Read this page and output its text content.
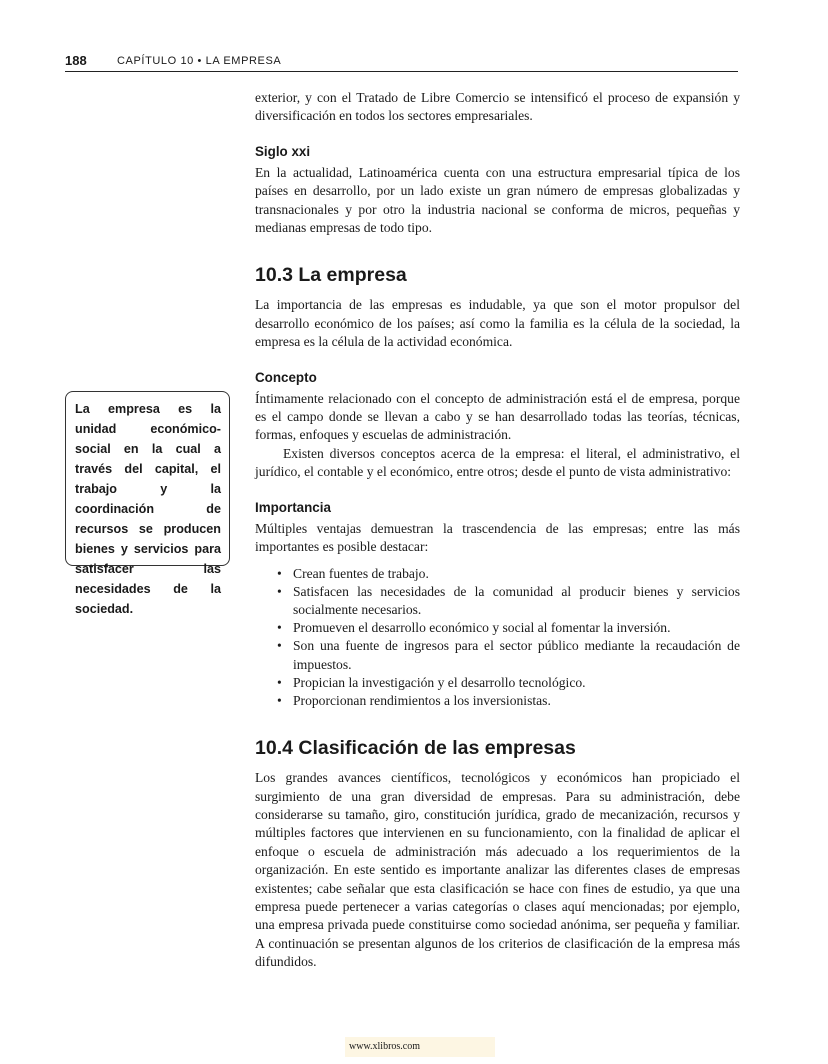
188	CAPÍTULO 10 • LA EMPRESA
La empresa es la unidad económico-social en la cual a través del capital, el trabajo y la coordinación de recursos se producen bienes y servicios para satisfacer las necesidades de la sociedad.

exterior, y con el Tratado de Libre Comercio se intensificó el proceso de expansión y diversificación en todos los sectores empresariales.

Siglo xxi

En la actualidad, Latinoamérica cuenta con una estructura empresarial típica de los países en desarrollo, por un lado existe un gran número de empresas globalizadas y transnacionales y por otro la industria nacional se conforma de micros, pequeñas y medianas empresas de todo tipo.

10.3 La empresa

La importancia de las empresas es indudable, ya que son el motor propulsor del desarrollo económico de los países; así como la familia es la célula de la sociedad, la empresa es la célula de la actividad económica.

Concepto

Íntimamente relacionado con el concepto de administración está el de empresa, porque es el campo donde se llevan a cabo y se han desarrollado todas las teorías, técnicas, formas, enfoques y escuelas de administración.

Existen diversos conceptos acerca de la empresa: el literal, el administrativo, el jurídico, el contable y el económico, entre otros; desde el punto de vista administrativo:

Importancia

Múltiples ventajas demuestran la trascendencia de las empresas; entre las más importantes es posible destacar:

• Crean fuentes de trabajo.
• Satisfacen las necesidades de la comunidad al producir bienes y servicios socialmente necesarios.
• Promueven el desarrollo económico y social al fomentar la inversión.
• Son una fuente de ingresos para el sector público mediante la recaudación de impuestos.
• Propician la investigación y el desarrollo tecnológico.
• Proporcionan rendimientos a los inversionistas.
10.4 Clasificación de las empresas

Los grandes avances científicos, tecnológicos y económicos han propiciado el surgimiento de una gran diversidad de empresas. Para su administración, debe considerarse su tamaño, giro, constitución jurídica, grado de mecanización, recursos y múltiples factores que intervienen en su funcionamiento, con la finalidad de aplicar el enfoque o escuela de administración más adecuado a los requerimientos de la organización. En este sentido es importante analizar las diferentes clases de empresas existentes; cabe señalar que esta clasificación se hace con fines de estudio, ya que una empresa puede pertenecer a varias categorías o clases aquí mencionadas; por ejemplo, una empresa privada puede constituirse como sociedad anónima, ser pequeña y familiar. A continuación se presentan algunos de los criterios de clasificación de la empresa más difundidos.

www.xlibros.com
